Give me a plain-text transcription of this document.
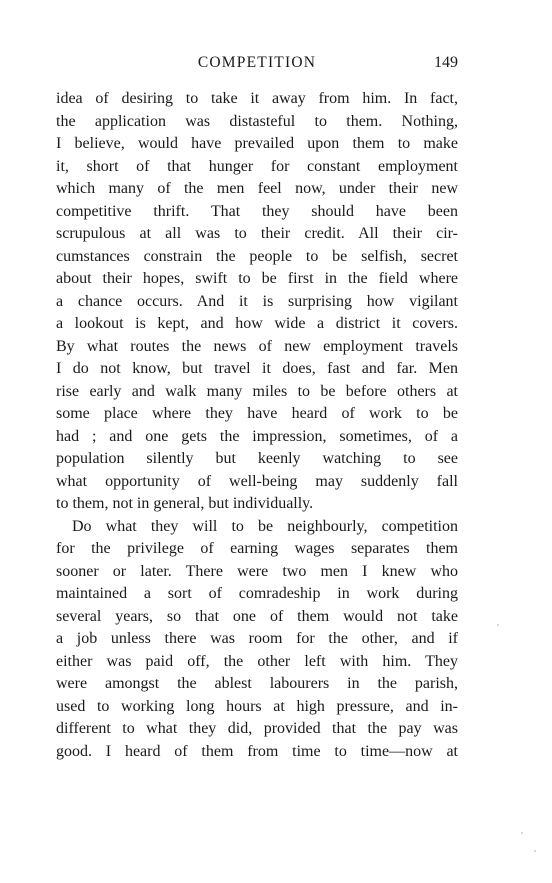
COMPETITION	149
idea of desiring to take it away from him. In fact,
the application was distasteful to them. Nothing,
I believe, would have prevailed upon them to make
it, short of that hunger for constant employment
which many of the men feel now, under their new
competitive thrift. That they should have been
scrupulous at all was to their credit. All their cir-
cumstances constrain the people to be selfish, secret
about their hopes, swift to be first in the field where
a chance occurs. And it is surprising how vigilant
a lookout is kept, and how wide a district it covers.
By what routes the news of new employment travels
I do not know, but travel it does, fast and far. Men
rise early and walk many miles to be before others at
some place where they have heard of work to be
had ; and one gets the impression, sometimes, of a
population silently but keenly watching to see
what opportunity of well-being may suddenly fall
to them, not in general, but individually.
Do what they will to be neighbourly, competition
for the privilege of earning wages separates them
sooner or later. There were two men I knew who
maintained a sort of comradeship in work during
several years, so that one of them would not take
a job unless there was room for the other, and if
either was paid off, the other left with him. They
were amongst the ablest labourers in the parish,
used to working long hours at high pressure, and in-
different to what they did, provided that the pay was
good. I heard of them from time to time—now at
